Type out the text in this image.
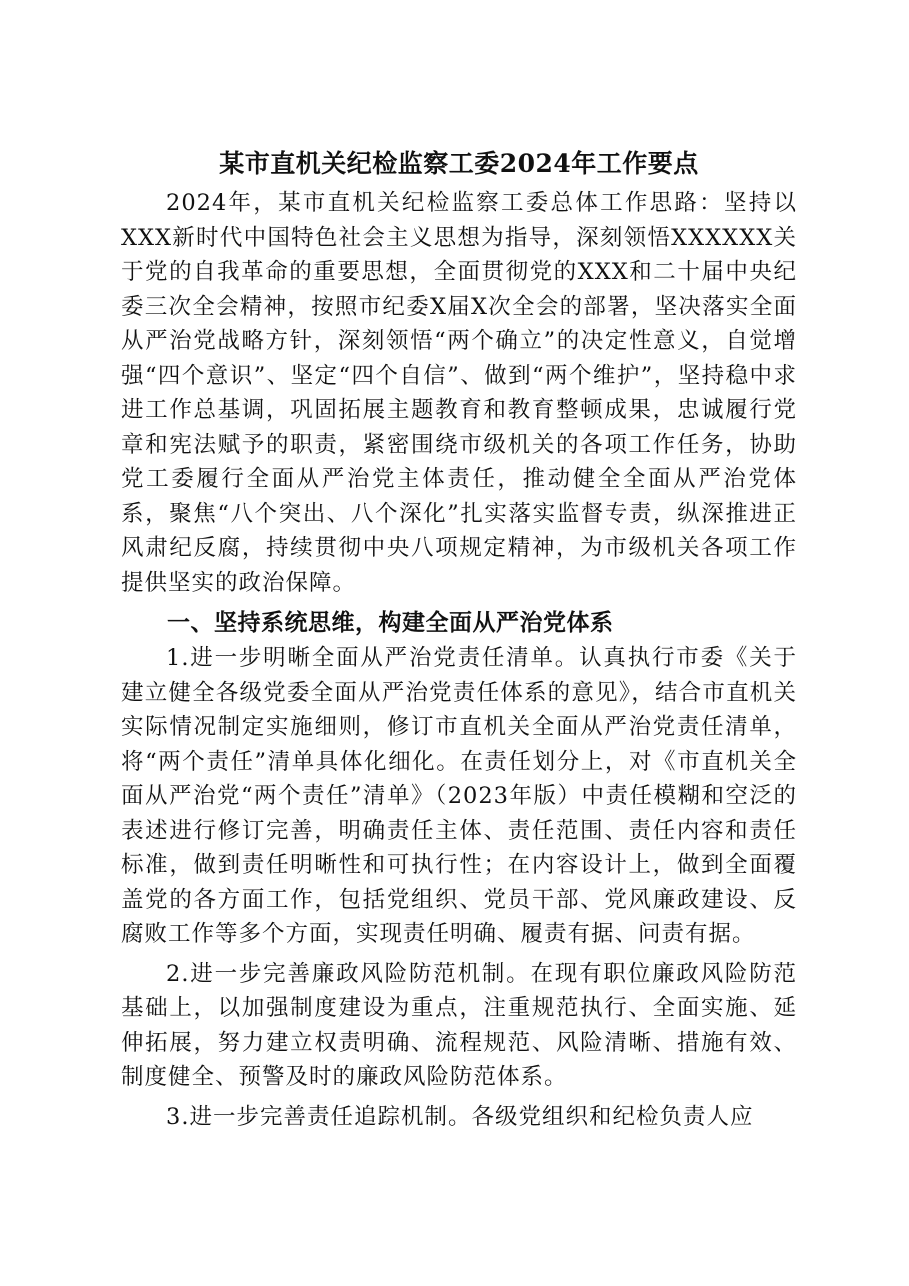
某市直机关纪检监察工委2024年工作要点

2024年，某市直机关纪检监察工委总体工作思路：坚持以XXX新时代中国特色社会主义思想为指导，深刻领悟XXXXXX关于党的自我革命的重要思想，全面贯彻党的XXX和二十届中央纪委三次全会精神，按照市纪委X届X次全会的部署，坚决落实全面从严治党战略方针，深刻领悟“两个确立”的决定性意义，自觉增强“四个意识”、坚定“四个自信”、做到“两个维护”，坚持稳中求进工作总基调，巩固拓展主题教育和教育整顿成果，忠诚履行党章和宪法赋予的职责，紧密围绕市级机关的各项工作任务，协助党工委履行全面从严治党主体责任，推动健全全面从严治党体系，聚焦“八个突出、八个深化”扎实落实监督专责，纵深推进正风肃纪反腐，持续贯彻中央八项规定精神，为市级机关各项工作提供坚实的政治保障。

一、坚持系统思维，构建全面从严治党体系

1.进一步明晰全面从严治党责任清单。认真执行市委《关于建立健全各级党委全面从严治党责任体系的意见》，结合市直机关实际情况制定实施细则，修订市直机关全面从严治党责任清单，将“两个责任”清单具体化细化。在责任划分上，对《市直机关全面从严治党“两个责任”清单》（2023年版）中责任模糊和空泛的表述进行修订完善，明确责任主体、责任范围、责任内容和责任标准，做到责任明晰性和可执行性；在内容设计上，做到全面覆盖党的各方面工作，包括党组织、党员干部、党风廉政建设、反腐败工作等多个方面，实现责任明确、履责有据、问责有据。

2.进一步完善廉政风险防范机制。在现有职位廉政风险防范基础上，以加强制度建设为重点，注重规范执行、全面实施、延伸拓展，努力建立权责明确、流程规范、风险清晰、措施有效、制度健全、预警及时的廉政风险防范体系。

3.进一步完善责任追踪机制。各级党组织和纪检负责人应
